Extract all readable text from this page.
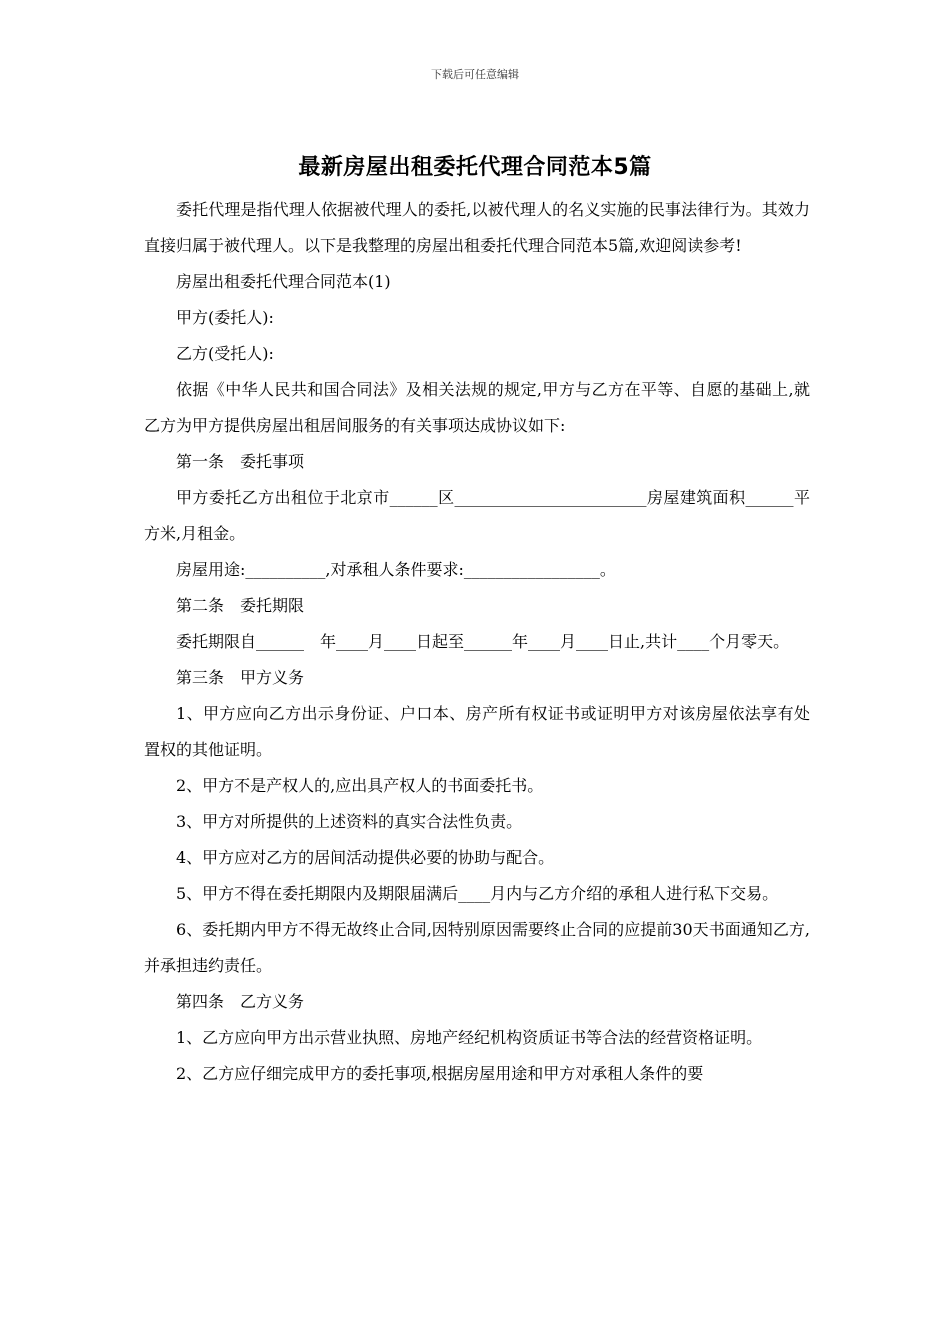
下载后可任意编辑
最新房屋出租委托代理合同范本5篇

委托代理是指代理人依据被代理人的委托,以被代理人的名义实施的民事法律行为。其效力直接归属于被代理人。以下是我整理的房屋出租委托代理合同范本5篇,欢迎阅读参考!

房屋出租委托代理合同范本(1)

甲方(委托人):

乙方(受托人):

依据《中华人民共和国合同法》及相关法规的规定,甲方与乙方在平等、自愿的基础上,就乙方为甲方提供房屋出租居间服务的有关事项达成协议如下:

第一条　委托事项

甲方委托乙方出租位于北京市______区________________________房屋建筑面积______平方米,月租金。

房屋用途:__________,对承租人条件要求:_________________。

第二条　委托期限

委托期限自______　年____月____日起至______年____月____日止,共计____个月零天。

第三条　甲方义务

1、甲方应向乙方出示身份证、户口本、房产所有权证书或证明甲方对该房屋依法享有处置权的其他证明。

2、甲方不是产权人的,应出具产权人的书面委托书。

3、甲方对所提供的上述资料的真实合法性负责。

4、甲方应对乙方的居间活动提供必要的协助与配合。

5、甲方不得在委托期限内及期限届满后____月内与乙方介绍的承租人进行私下交易。

6、委托期内甲方不得无故终止合同,因特别原因需要终止合同的应提前30天书面通知乙方,并承担违约责任。

第四条　乙方义务

1、乙方应向甲方出示营业执照、房地产经纪机构资质证书等合法的经营资格证明。

2、乙方应仔细完成甲方的委托事项,根据房屋用途和甲方对承租人条件的要
